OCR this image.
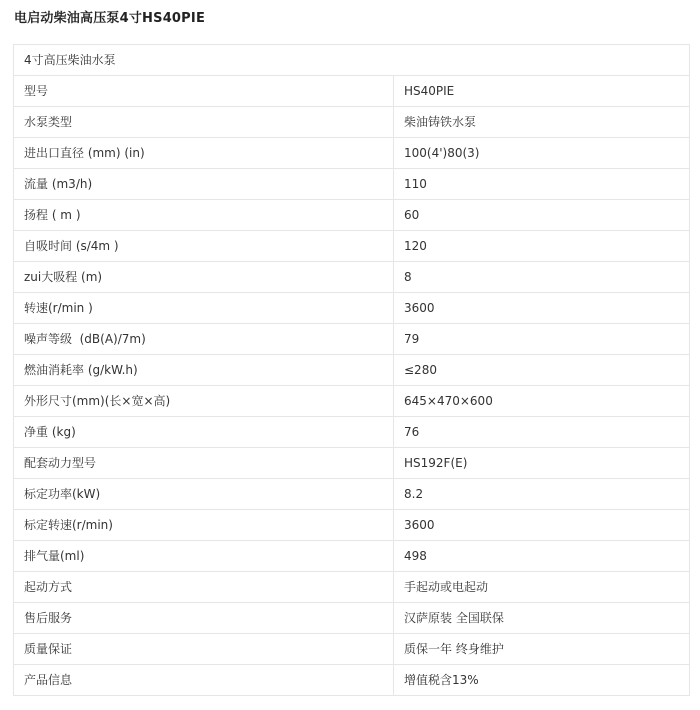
电启动柴油高压泵4寸HS40PIE
4寸高压柴油水泵	
型号	HS40PIE
水泵类型	柴油铸铁水泵
进出口直径 (mm) (in)	100(4')80(3)
流量 (m3/h)	110
扬程 ( m )	60
自吸时间 (s/4m )	120
zui大吸程 (m)	8
转速(r/min )	3600
噪声等级  (dB(A)/7m)	79
燃油消耗率 (g/kW.h)	≤280
外形尺寸(mm)(长×宽×高)	645×470×600
净重 (kg)	76
配套动力型号	HS192F(E)
标定功率(kW)	8.2
标定转速(r/min)	3600
排气量(ml)	498
起动方式	手起动或电起动
售后服务	汉萨原装 全国联保
质量保证	质保一年 终身维护
产品信息	增值税含13%
